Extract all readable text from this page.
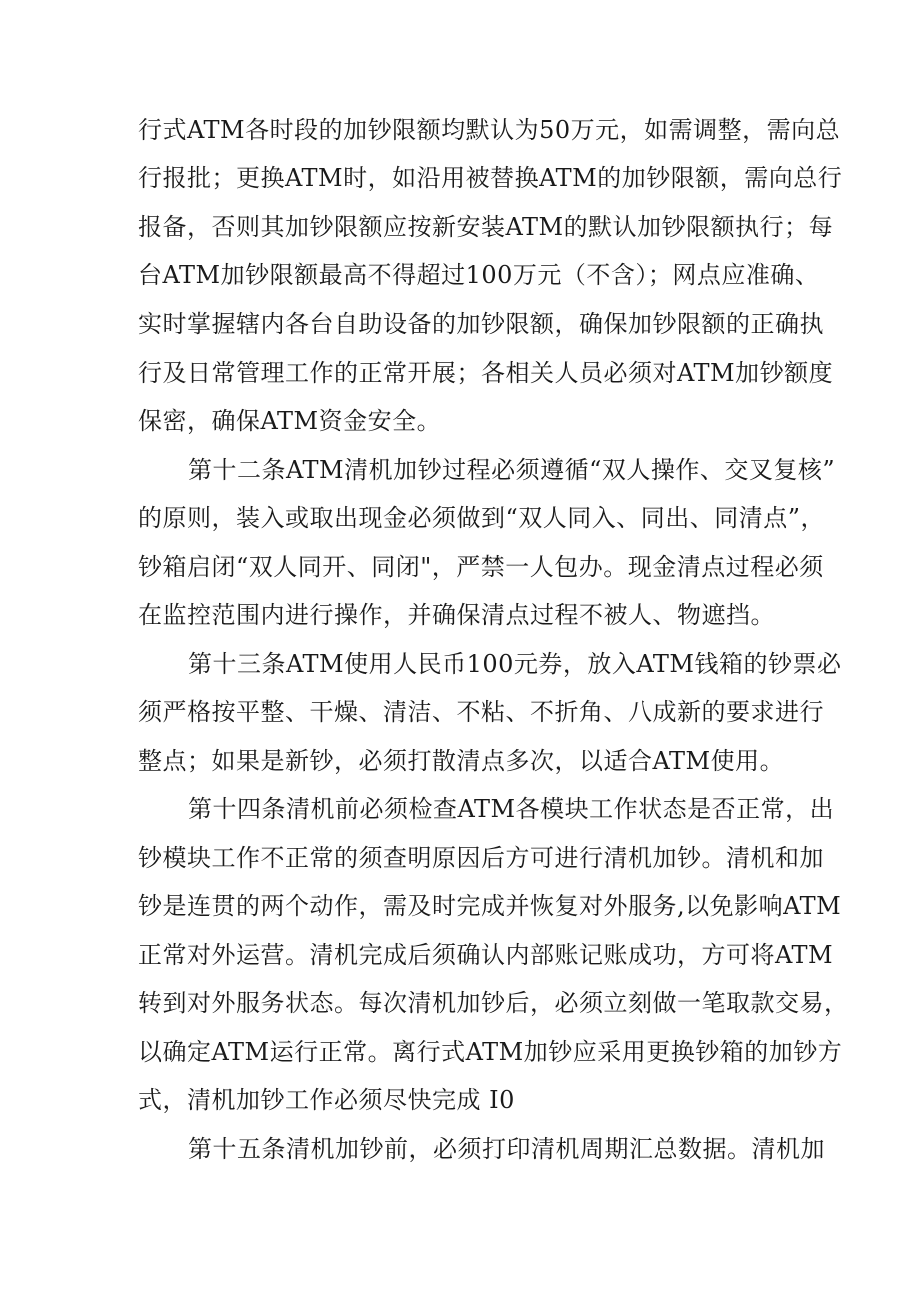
行式ATM各时段的加钞限额均默认为50万元，如需调整，需向总
行报批；更换ATM时，如沿用被替换ATM的加钞限额，需向总行
报备，否则其加钞限额应按新安装ATM的默认加钞限额执行；每
台ATM加钞限额最高不得超过100万元（不含）；网点应准确、
实时掌握辖内各台自助设备的加钞限额，确保加钞限额的正确执
行及日常管理工作的正常开展；各相关人员必须对ATM加钞额度
保密，确保ATM资金安全。
第十二条ATM清机加钞过程必须遵循“双人操作、交叉复核”
的原则，装入或取出现金必须做到“双人同入、同出、同清点”，
钞箱启闭“双人同开、同闭"，严禁一人包办。现金清点过程必须
在监控范围内进行操作，并确保清点过程不被人、物遮挡。
第十三条ATM使用人民币100元券，放入ATM钱箱的钞票必
须严格按平整、干燥、清洁、不粘、不折角、八成新的要求进行
整点；如果是新钞，必须打散清点多次，以适合ATM使用。
第十四条清机前必须检查ATM各模块工作状态是否正常，出
钞模块工作不正常的须查明原因后方可进行清机加钞。清机和加
钞是连贯的两个动作，需及时完成并恢复对外服务,以免影响ATM
正常对外运营。清机完成后须确认内部账记账成功，方可将ATM
转到对外服务状态。每次清机加钞后，必须立刻做一笔取款交易，
以确定ATM运行正常。离行式ATM加钞应采用更换钞箱的加钞方
式，清机加钞工作必须尽快完成 I0
第十五条清机加钞前，必须打印清机周期汇总数据。清机加
